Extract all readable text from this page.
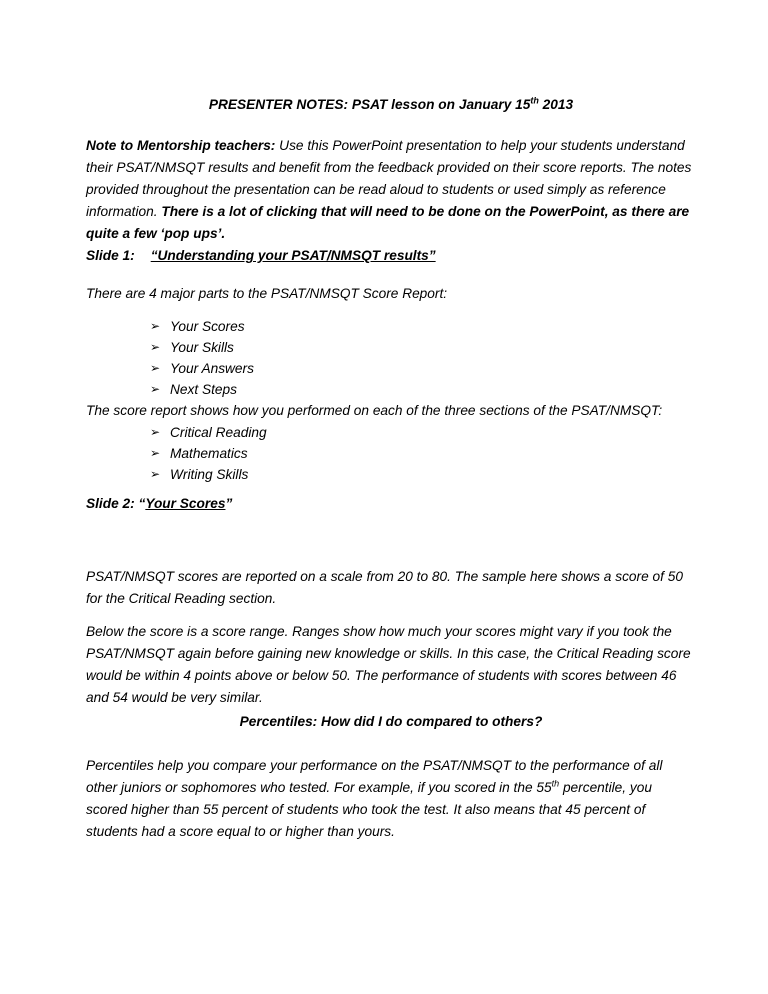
PRESENTER NOTES: PSAT lesson on January 15th 2013

Note to Mentorship teachers: Use this PowerPoint presentation to help your students understand their PSAT/NMSQT results and benefit from the feedback provided on their score reports. The notes provided throughout the presentation can be read aloud to students or used simply as reference information. There is a lot of clicking that will need to be done on the PowerPoint, as there are quite a few ‘pop ups’.

Slide 1: “Understanding your PSAT/NMSQT results”

There are 4 major parts to the PSAT/NMSQT Score Report:

➢ Your Scores
➢ Your Skills
➢ Your Answers
➢ Next Steps

The score report shows how you performed on each of the three sections of the PSAT/NMSQT:

➢ Critical Reading
➢ Mathematics
➢ Writing Skills

Slide 2: “Your Scores”

PSAT/NMSQT scores are reported on a scale from 20 to 80. The sample here shows a score of 50 for the Critical Reading section.

Below the score is a score range. Ranges show how much your scores might vary if you took the PSAT/NMSQT again before gaining new knowledge or skills. In this case, the Critical Reading score would be within 4 points above or below 50. The performance of students with scores between 46 and 54 would be very similar.

Percentiles: How did I do compared to others?

Percentiles help you compare your performance on the PSAT/NMSQT to the performance of all other juniors or sophomores who tested. For example, if you scored in the 55th percentile, you scored higher than 55 percent of students who took the test. It also means that 45 percent of students had a score equal to or higher than yours.
